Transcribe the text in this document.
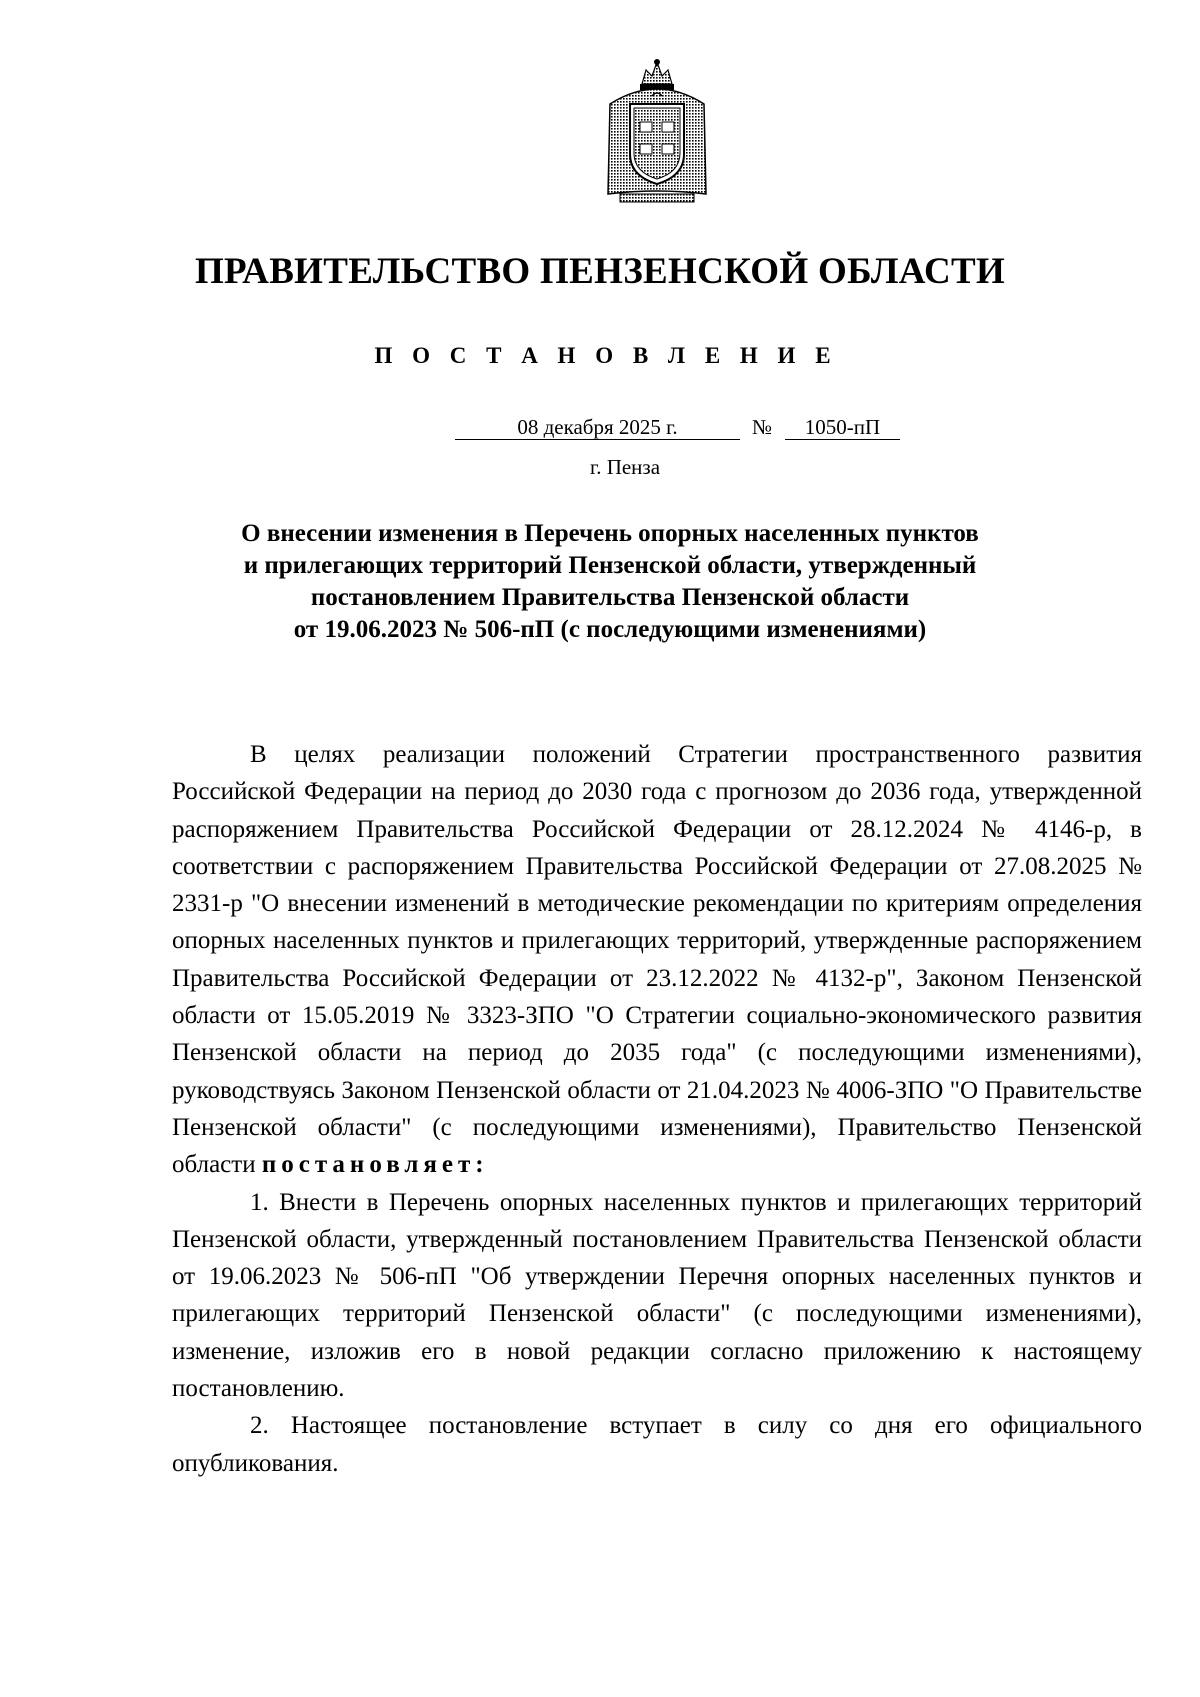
ПРАВИТЕЛЬСТВО ПЕНЗЕНСКОЙ ОБЛАСТИ
П О С Т А Н О В Л Е Н И Е
08 декабря 2025 г.	№	1050-пП
г. Пенза
О внесении изменения в Перечень опорных населенных пунктов
и прилегающих территорий Пензенской области, утвержденный
постановлением Правительства Пензенской области
от 19.06.2023 № 506-пП (с последующими изменениями)

В целях реализации положений Стратегии пространственного развития Российской Федерации на период до 2030 года с прогнозом до 2036 года, утвержденной распоряжением Правительства Российской Федерации от 28.12.2024 № 4146-р, в соответствии с распоряжением Правительства Российской Федерации от 27.08.2025 № 2331-р "О внесении изменений в методические рекомендации по критериям определения опорных населенных пунктов и прилегающих территорий, утвержденные распоряжением Правительства Российской Федерации от 23.12.2022 № 4132-р", Законом Пензенской области от 15.05.2019 № 3323-ЗПО "О Стратегии социально-экономического развития Пензенской области на период до 2035 года" (с последующими изменениями), руководствуясь Законом Пензенской области от 21.04.2023 № 4006-ЗПО "О Правительстве Пензенской области" (с последующими изменениями), Правительство Пензенской области постановляет:

1. Внести в Перечень опорных населенных пунктов и прилегающих территорий Пензенской области, утвержденный постановлением Правительства Пензенской области от 19.06.2023 № 506-пП "Об утверждении Перечня опорных населенных пунктов и прилегающих территорий Пензенской области" (с последующими изменениями), изменение, изложив его в новой редакции согласно приложению к настоящему постановлению.

2. Настоящее постановление вступает в силу со дня его официального опубликования.
